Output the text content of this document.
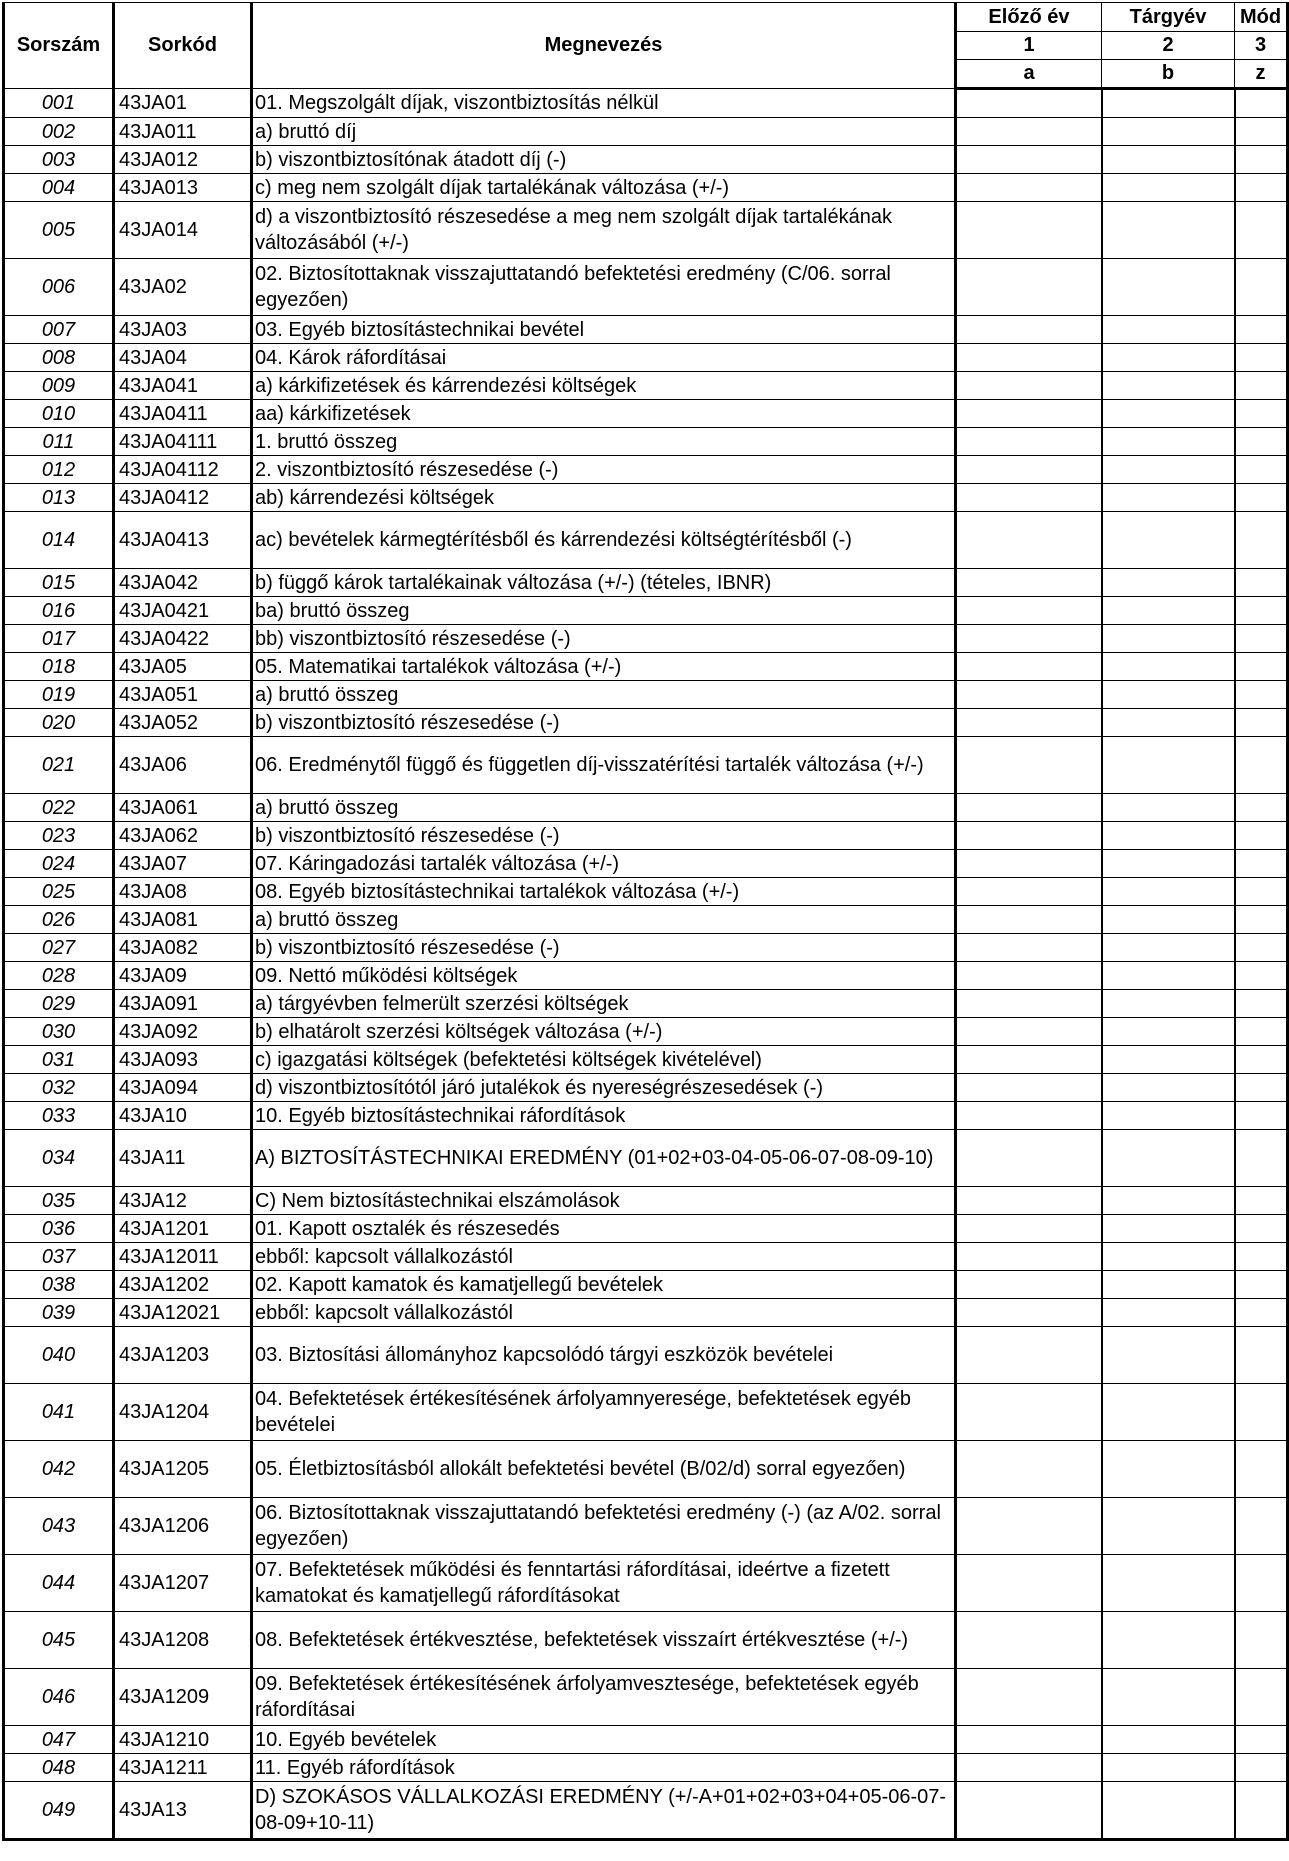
Sorszám	Sorkód	Megnevezés	Előző év	Tárgyév	Mód
			1	2	3
			a	b	z
001	43JA01	01. Megszolgált díjak, viszontbiztosítás nélkül			
002	43JA011	a) bruttó díj			
003	43JA012	b) viszontbiztosítónak átadott díj (-)			
004	43JA013	c) meg nem szolgált díjak tartalékának változása (+/-)			
005	43JA014	d) a viszontbiztosító részesedése a meg nem szolgált díjak tartalékának változásából (+/-)			
006	43JA02	02. Biztosítottaknak visszajuttatandó befektetési eredmény (C/06. sorral egyezően)			
007	43JA03	03. Egyéb biztosítástechnikai bevétel			
008	43JA04	04. Károk ráfordításai			
009	43JA041	a) kárkifizetések és kárrendezési költségek			
010	43JA0411	aa) kárkifizetések			
011	43JA04111	1. bruttó összeg			
012	43JA04112	2. viszontbiztosító részesedése (-)			
013	43JA0412	ab) kárrendezési költségek			
014	43JA0413	ac) bevételek kármegtérítésből és kárrendezési költségtérítésből (-)			
015	43JA042	b) függő károk tartalékainak változása (+/-) (tételes, IBNR)			
016	43JA0421	ba) bruttó összeg			
017	43JA0422	bb) viszontbiztosító részesedése (-)			
018	43JA05	05. Matematikai tartalékok változása (+/-)			
019	43JA051	a) bruttó összeg			
020	43JA052	b) viszontbiztosító részesedése (-)			
021	43JA06	06. Eredménytől függő és független díj-visszatérítési tartalék változása (+/-)			
022	43JA061	a) bruttó összeg			
023	43JA062	b) viszontbiztosító részesedése (-)			
024	43JA07	07. Káringadozási tartalék változása (+/-)			
025	43JA08	08. Egyéb biztosítástechnikai tartalékok változása (+/-)			
026	43JA081	a) bruttó összeg			
027	43JA082	b) viszontbiztosító részesedése (-)			
028	43JA09	09. Nettó működési költségek			
029	43JA091	a) tárgyévben felmerült szerzési költségek			
030	43JA092	b) elhatárolt szerzési költségek változása (+/-)			
031	43JA093	c) igazgatási költségek (befektetési költségek kivételével)			
032	43JA094	d) viszontbiztosítótól járó jutalékok és nyereségrészesedések (-)			
033	43JA10	10. Egyéb biztosítástechnikai ráfordítások			
034	43JA11	A) BIZTOSÍTÁSTECHNIKAI EREDMÉNY (01+02+03-04-05-06-07-08-09-10)			
035	43JA12	C) Nem biztosítástechnikai elszámolások			
036	43JA1201	01. Kapott osztalék és részesedés			
037	43JA12011	ebből: kapcsolt vállalkozástól			
038	43JA1202	02. Kapott kamatok és kamatjellegű bevételek			
039	43JA12021	ebből: kapcsolt vállalkozástól			
040	43JA1203	03. Biztosítási állományhoz kapcsolódó tárgyi eszközök bevételei			
041	43JA1204	04. Befektetések értékesítésének árfolyamnyeresége, befektetések egyéb bevételei			
042	43JA1205	05. Életbiztosításból allokált befektetési bevétel (B/02/d) sorral egyezően)			
043	43JA1206	06. Biztosítottaknak visszajuttatandó befektetési eredmény (-) (az A/02. sorral egyezően)			
044	43JA1207	07. Befektetések működési és fenntartási ráfordításai, ideértve a fizetett kamatokat és kamatjellegű ráfordításokat			
045	43JA1208	08. Befektetések értékvesztése, befektetések visszaírt értékvesztése (+/-)			
046	43JA1209	09. Befektetések értékesítésének árfolyamvesztesége, befektetések egyéb ráfordításai			
047	43JA1210	10. Egyéb bevételek			
048	43JA1211	11. Egyéb ráfordítások			
049	43JA13	D) SZOKÁSOS VÁLLALKOZÁSI EREDMÉNY (+/-A+01+02+03+04+05-06-07-08-09+10-11)			
